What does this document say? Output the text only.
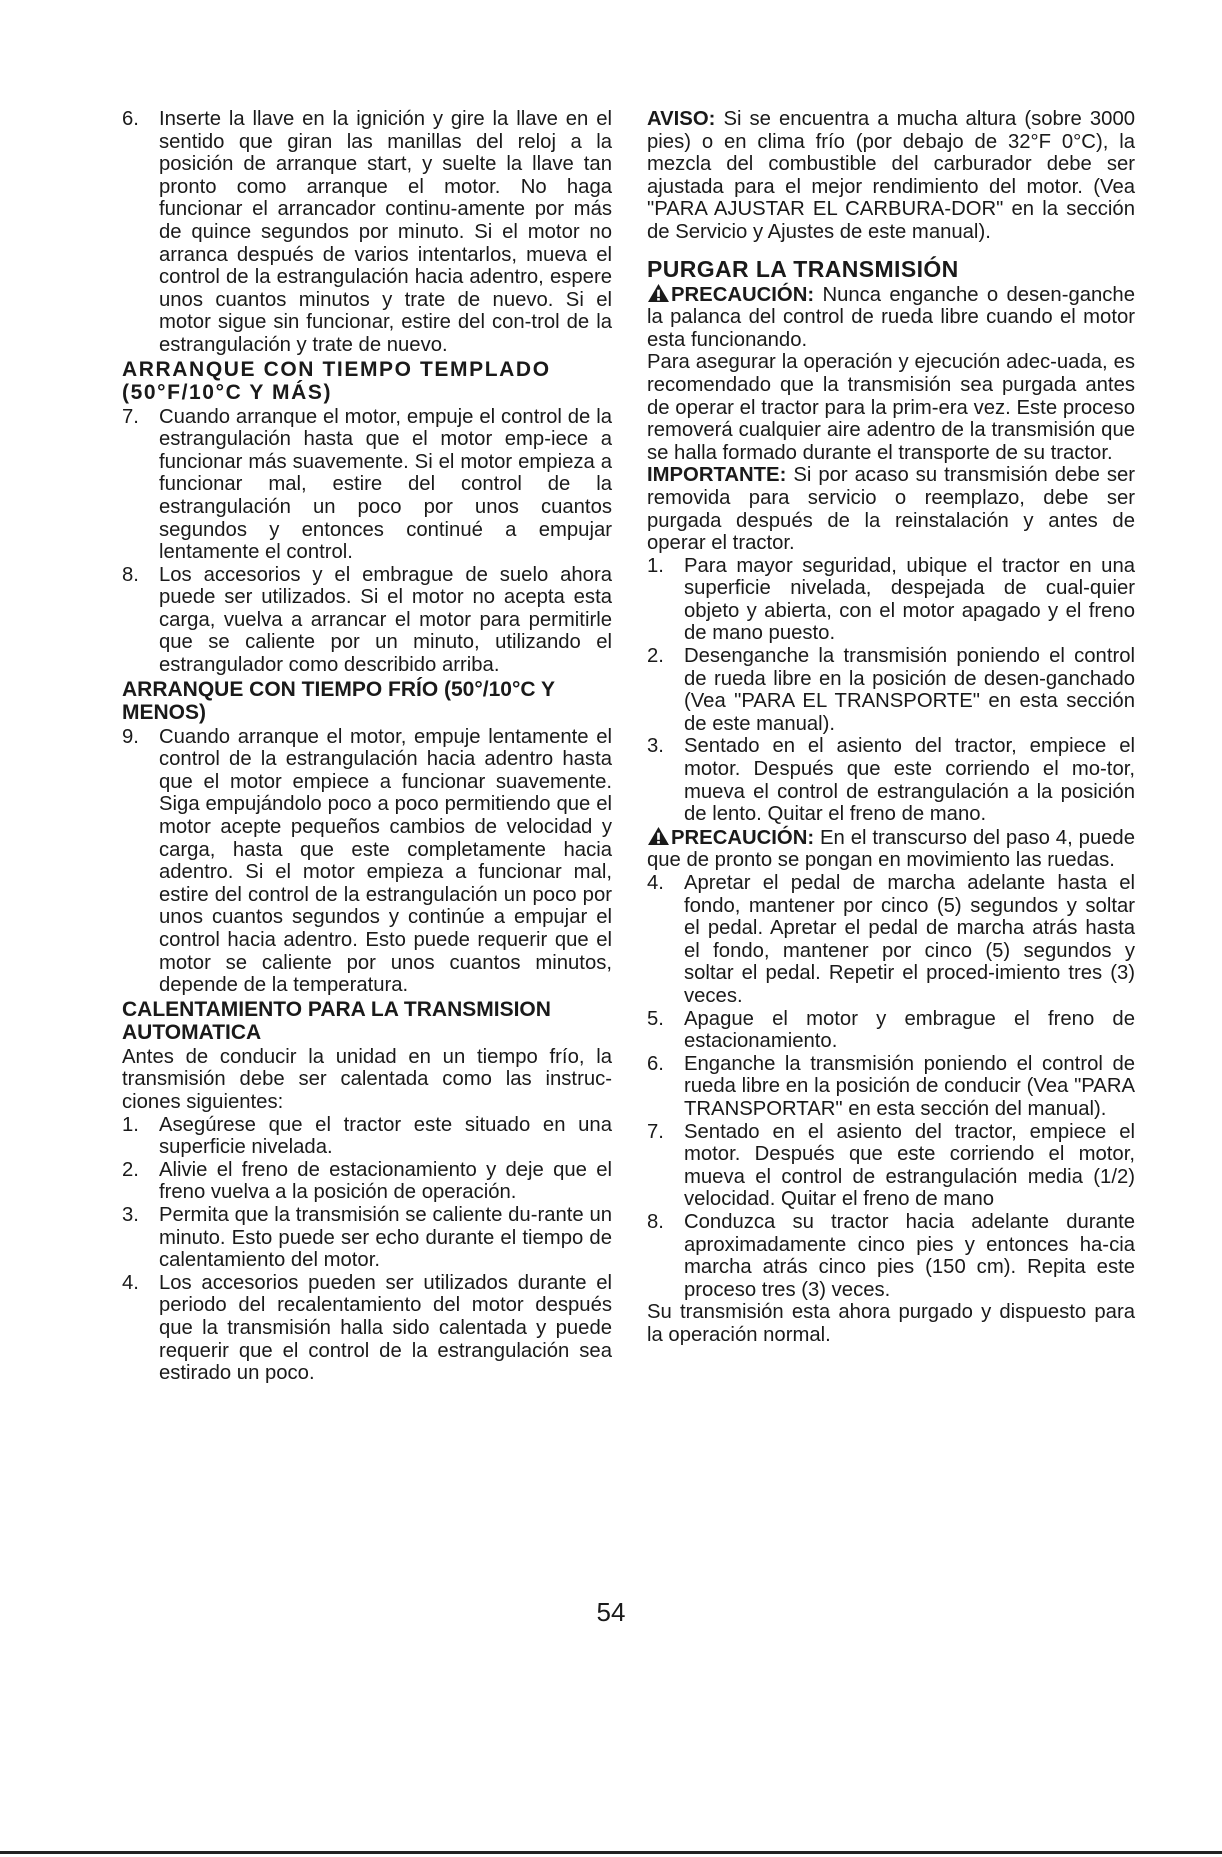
6. Inserte la llave en la ignición y gire la llave en el sentido que giran las manillas del reloj a la posición de arranque start, y suelte la llave tan pronto como arranque el motor. No haga funcionar el arrancador continu-amente por más de quince segundos por minuto. Si el motor no arranca después de varios intentarlos, mueva el control de la estrangulación hacia adentro, espere unos cuantos minutos y trate de nuevo. Si el motor sigue sin funcionar, estire del con-trol de la estrangulación y trate de nuevo.
ARRANQUE CON TIEMPO TEMPLADO (50°F/10°C Y MÁS)
7. Cuando arranque el motor, empuje el control de la estrangulación hasta que el motor emp-iece a funcionar más suavemente. Si el motor empieza a funcionar mal, estire del control de la estrangulación un poco por unos cuantos segundos y entonces continué a empujar lentamente el control.
8. Los accesorios y el embrague de suelo ahora puede ser utilizados. Si el motor no acepta esta carga, vuelva a arrancar el motor para permitirle que se caliente por un minuto, utilizando el estrangulador como describido arriba.
ARRANQUE CON TIEMPO FRÍO (50°/10°C Y MENOS)
9. Cuando arranque el motor, empuje lentamente el control de la estrangulación hacia adentro hasta que el motor empiece a funcionar suavemente. Siga empujándolo poco a poco permitiendo que el motor acepte pequeños cambios de velocidad y carga, hasta que este completamente hacia adentro. Si el motor empieza a funcionar mal, estire del control de la estrangulación un poco por unos cuantos segundos y continúe a empujar el control hacia adentro. Esto puede requerir que el motor se caliente por unos cuantos minutos, depende de la temperatura.
CALENTAMIENTO PARA LA TRANSMISION AUTOMATICA

Antes de conducir la unidad en un tiempo frío, la transmisión debe ser calentada como las instruc-ciones siguientes:

1. Asegúrese que el tractor este situado en una superficie nivelada.
2. Alivie el freno de estacionamiento y deje que el freno vuelva a la posición de operación.
3. Permita que la transmisión se caliente du-rante un minuto. Esto puede ser echo durante el tiempo de calentamiento del motor.
4. Los accesorios pueden ser utilizados durante el periodo del recalentamiento del motor después que la transmisión halla sido calentada y puede requerir que el control de la estrangulación sea estirado un poco.

AVISO: Si se encuentra a mucha altura (sobre 3000 pies) o en clima frío (por debajo de 32°F 0°C), la mezcla del combustible del carburador debe ser ajustada para el mejor rendimiento del motor. (Vea "PARA AJUSTAR EL CARBURA-DOR" en la sección de Servicio y Ajustes de este manual).

PURGAR LA TRANSMISIÓN

PRECAUCIÓN: Nunca enganche o desen-ganche la palanca del control de rueda libre cuando el motor esta funcionando.

Para asegurar la operación y ejecución adec-uada, es recomendado que la transmisión sea purgada antes de operar el tractor para la prim-era vez. Este proceso removerá cualquier aire adentro de la transmisión que se halla formado durante el transporte de su tractor.

IMPORTANTE: Si por acaso su transmisión debe ser removida para servicio o reemplazo, debe ser purgada después de la reinstalación y antes de operar el tractor.

1. Para mayor seguridad, ubique el tractor en una superficie nivelada, despejada de cual-quier objeto y abierta, con el motor apagado y el freno de mano puesto.
2. Desenganche la transmisión poniendo el control de rueda libre en la posición de desen-ganchado (Vea "PARA EL TRANSPORTE" en esta sección de este manual).
3. Sentado en el asiento del tractor, empiece el motor. Después que este corriendo el mo-tor, mueva el control de estrangulación a la posición de lento. Quitar el freno de mano.

PRECAUCIÓN: En el transcurso del paso 4, puede que de pronto se pongan en movimiento las ruedas.

4. Apretar el pedal de marcha adelante hasta el fondo, mantener por cinco (5) segundos y soltar el pedal. Apretar el pedal de marcha atrás hasta el fondo, mantener por cinco (5) segundos y soltar el pedal. Repetir el proced-imiento tres (3) veces.
5. Apague el motor y embrague el freno de estacionamiento.
6. Enganche la transmisión poniendo el control de rueda libre en la posición de conducir (Vea "PARA TRANSPORTAR" en esta sección del manual).
7. Sentado en el asiento del tractor, empiece el motor. Después que este corriendo el motor, mueva el control de estrangulación media (1/2) velocidad. Quitar el freno de mano
8. Conduzca su tractor hacia adelante durante aproximadamente cinco pies y entonces ha-cia marcha atrás cinco pies (150 cm). Repita este proceso tres (3) veces.

Su transmisión esta ahora purgado y dispuesto para la operación normal.

54
